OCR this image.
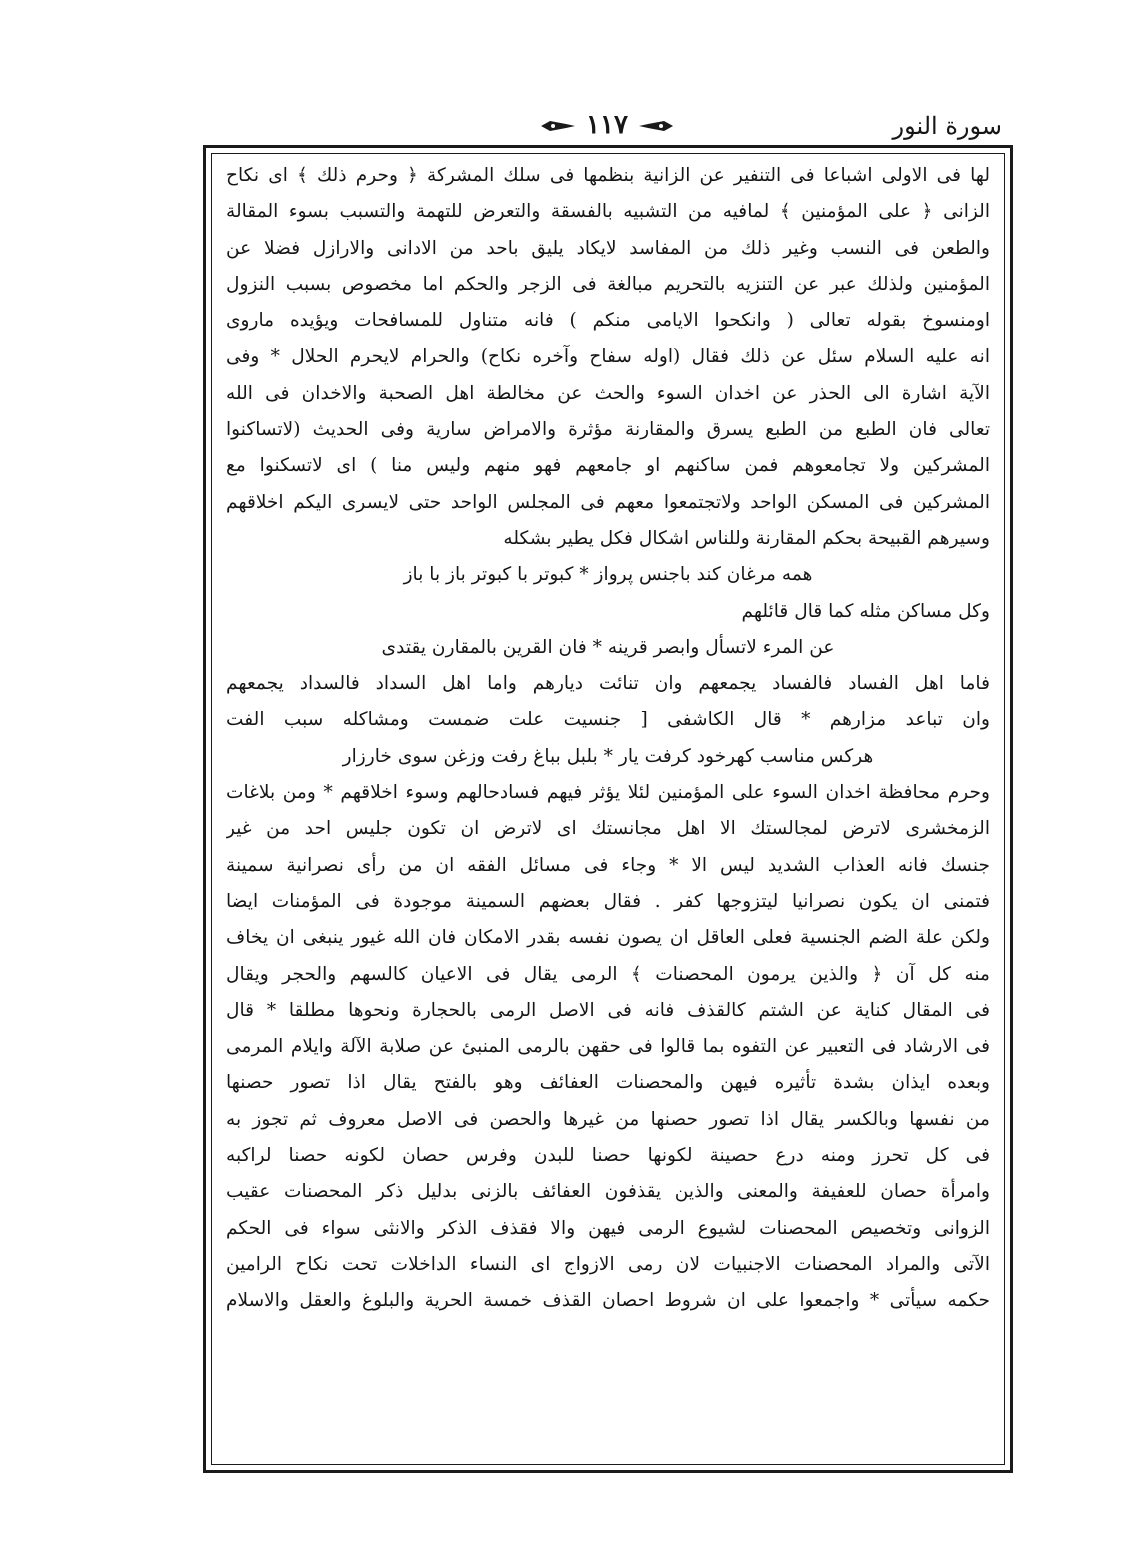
سورة النور
١١٧
لها فى الاولى اشباعا فى التنفير عن الزانية بنظمها فى سلك المشركة ﴿ وحرم ذلك ﴾ اى نكاح
الزانى ﴿ على المؤمنين ﴾ لمافيه من التشبيه بالفسقة والتعرض للتهمة والتسبب بسوء المقالة
والطعن فى النسب وغير ذلك من المفاسد لايكاد يليق باحد من الادانى والارازل فضلا عن
المؤمنين ولذلك عبر عن التنزيه بالتحريم مبالغة فى الزجر والحكم اما مخصوص بسبب النزول
اومنسوخ بقوله تعالى ( وانكحوا الايامى منكم ) فانه متناول للمسافحات ويؤيده ماروى
انه عليه السلام سئل عن ذلك فقال (اوله سفاح وآخره نكاح) والحرام لايحرم الحلال * وفى
الآية اشارة الى الحذر عن اخدان السوء والحث عن مخالطة اهل الصحبة والاخدان فى الله
تعالى فان الطبع من الطبع يسرق والمقارنة مؤثرة والامراض سارية وفى الحديث (لاتساكنوا
المشركين ولا تجامعوهم فمن ساكنهم او جامعهم فهو منهم وليس منا ) اى لاتسكنوا مع
المشركين فى المسكن الواحد ولاتجتمعوا معهم فى المجلس الواحد حتى لايسرى اليكم اخلاقهم
وسيرهم القبيحة بحكم المقارنة وللناس اشكال فكل يطير بشكله
همه مرغان كند باجنس پرواز * كبوتر با كبوتر باز با باز
وكل مساكن مثله كما قال قائلهم
عن المرء لاتسأل وابصر قرينه * فان القرين بالمقارن يقتدى
فاما اهل الفساد فالفساد يجمعهم وان تنائت ديارهم واما اهل السداد فالسداد يجمعهم
وان تباعد مزارهم * قال الكاشفى [ جنسيت علت ضمست ومشاكله سبب الفت
هركس مناسب كهرخود كرفت يار * بلبل بباغ رفت وزغن سوى خارزار
وحرم محافظة اخدان السوء على المؤمنين لئلا يؤثر فيهم فسادحالهم وسوء اخلاقهم * ومن بلاغات
الزمخشرى لاترض لمجالستك الا اهل مجانستك اى لاترض ان تكون جليس احد من غير
جنسك فانه العذاب الشديد ليس الا * وجاء فى مسائل الفقه ان من رأى نصرانية سمينة
فتمنى ان يكون نصرانيا ليتزوجها كفر . فقال بعضهم السمينة موجودة فى المؤمنات ايضا
ولكن علة الضم الجنسية فعلى العاقل ان يصون نفسه بقدر الامكان فان الله غيور ينبغى ان يخاف
منه كل آن ﴿ والذين يرمون المحصنات ﴾ الرمى يقال فى الاعيان كالسهم والحجر ويقال
فى المقال كناية عن الشتم كالقذف فانه فى الاصل الرمى بالحجارة ونحوها مطلقا * قال
فى الارشاد فى التعبير عن التفوه بما قالوا فى حقهن بالرمى المنبئ عن صلابة الآلة وايلام المرمى
وبعده ايذان بشدة تأثيره فيهن والمحصنات العفائف وهو بالفتح يقال اذا تصور حصنها
من نفسها وبالكسر يقال اذا تصور حصنها من غيرها والحصن فى الاصل معروف ثم تجوز به
فى كل تحرز ومنه درع حصينة لكونها حصنا للبدن وفرس حصان لكونه حصنا لراكبه
وامرأة حصان للعفيفة والمعنى والذين يقذفون العفائف بالزنى بدليل ذكر المحصنات عقيب
الزوانى وتخصيص المحصنات لشيوع الرمى فيهن والا فقذف الذكر والانثى سواء فى الحكم
الآتى والمراد المحصنات الاجنبيات لان رمى الازواج اى النساء الداخلات تحت نكاح الرامين
حكمه سيأتى * واجمعوا على ان شروط احصان القذف خمسة الحرية والبلوغ والعقل والاسلام
